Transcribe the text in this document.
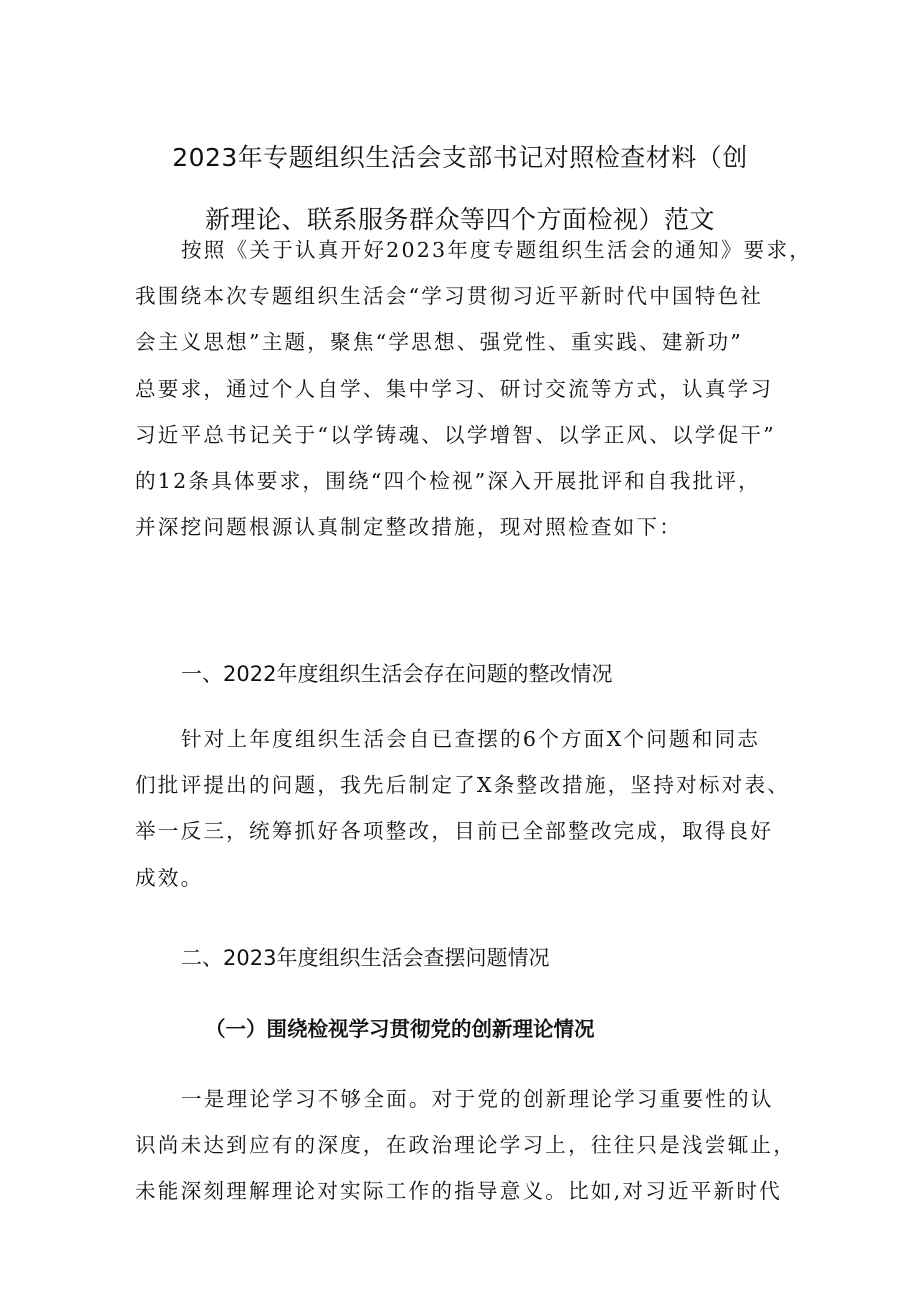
2023年专题组织生活会支部书记对照检查材料（创
新理论、联系服务群众等四个方面检视）范文
按照《关于认真开好2023年度专题组织生活会的通知》要求，
我围绕本次专题组织生活会“学习贯彻习近平新时代中国特色社
会主义思想”主题，聚焦“学思想、强党性、重实践、建新功”
总要求，通过个人自学、集中学习、研讨交流等方式，认真学习
习近平总书记关于“以学铸魂、以学增智、以学正风、以学促干”
的12条具体要求，围绕“四个检视”深入开展批评和自我批评，
并深挖问题根源认真制定整改措施，现对照检查如下：
一、2022年度组织生活会存在问题的整改情况
针对上年度组织生活会自已查摆的6个方面X个问题和同志
们批评提出的问题，我先后制定了X条整改措施，坚持对标对表、
举一反三，统筹抓好各项整改，目前已全部整改完成，取得良好
成效。
二、2023年度组织生活会查摆问题情况
（一）围绕检视学习贯彻党的创新理论情况
一是理论学习不够全面。对于党的创新理论学习重要性的认
识尚未达到应有的深度，在政治理论学习上，往往只是浅尝辄止，
未能深刻理解理论对实际工作的指导意义。比如,对习近平新时代
